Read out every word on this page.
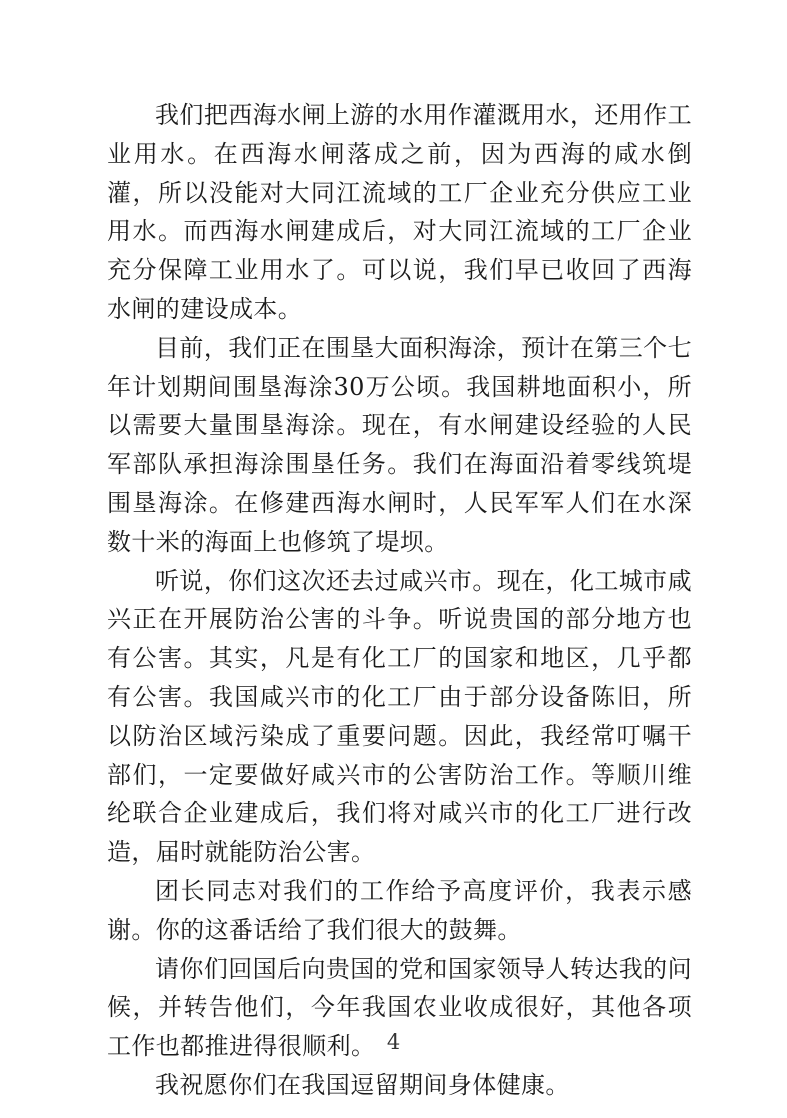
我们把西海水闸上游的水用作灌溉用水，还用作工业用水。在西海水闸落成之前，因为西海的咸水倒灌，所以没能对大同江流域的工厂企业充分供应工业用水。而西海水闸建成后，对大同江流域的工厂企业充分保障工业用水了。可以说，我们早已收回了西海水闸的建设成本。

目前，我们正在围垦大面积海涂，预计在第三个七年计划期间围垦海涂30万公顷。我国耕地面积小，所以需要大量围垦海涂。现在，有水闸建设经验的人民军部队承担海涂围垦任务。我们在海面沿着零线筑堤围垦海涂。在修建西海水闸时，人民军军人们在水深数十米的海面上也修筑了堤坝。

听说，你们这次还去过咸兴市。现在，化工城市咸兴正在开展防治公害的斗争。听说贵国的部分地方也有公害。其实，凡是有化工厂的国家和地区，几乎都有公害。我国咸兴市的化工厂由于部分设备陈旧，所以防治区域污染成了重要问题。因此，我经常叮嘱干部们，一定要做好咸兴市的公害防治工作。等顺川维纶联合企业建成后，我们将对咸兴市的化工厂进行改造，届时就能防治公害。

团长同志对我们的工作给予高度评价，我表示感谢。你的这番话给了我们很大的鼓舞。

请你们回国后向贵国的党和国家领导人转达我的问候，并转告他们，今年我国农业收成很好，其他各项工作也都推进得很顺利。

我祝愿你们在我国逗留期间身体健康。

4
